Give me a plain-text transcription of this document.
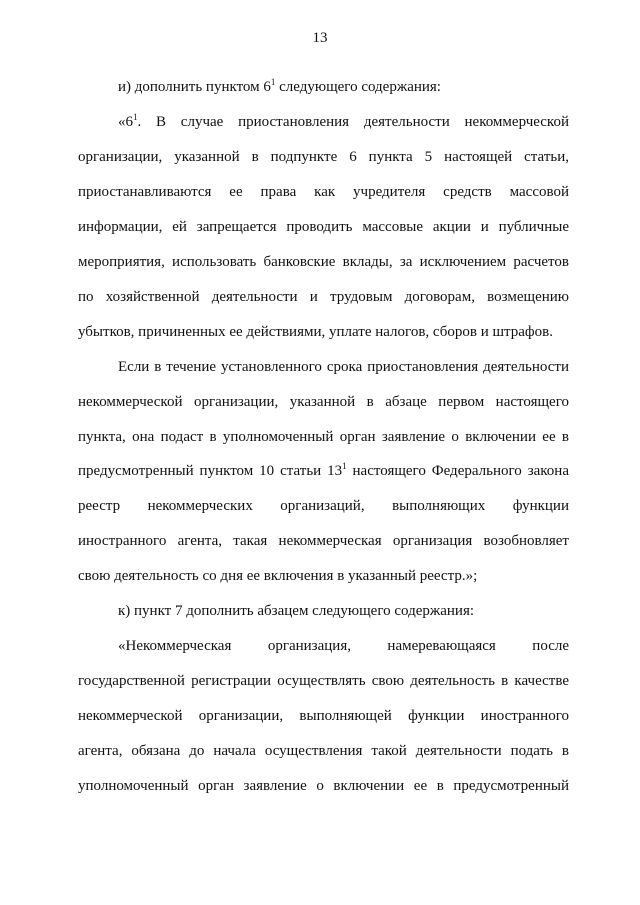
13
и) дополнить пунктом $6^1$ следующего содержания:
«$6^1$. В случае приостановления деятельности некоммерческой
организации, указанной в подпункте 6 пункта 5 настоящей статьи,
приостанавливаются ее права как учредителя средств массовой
информации, ей запрещается проводить массовые акции и публичные
мероприятия, использовать банковские вклады, за исключением расчетов
по хозяйственной деятельности и трудовым договорам, возмещению
убытков, причиненных ее действиями, уплате налогов, сборов и штрафов.
Если в течение установленного срока приостановления деятельности
некоммерческой организации, указанной в абзаце первом настоящего
пункта, она подаст в уполномоченный орган заявление о включении ее в
предусмотренный пунктом 10 статьи $13^1$ настоящего Федерального закона
реестр некоммерческих организаций, выполняющих функции
иностранного агента, такая некоммерческая организация возобновляет
свою деятельность со дня ее включения в указанный реестр.»;
к) пункт 7 дополнить абзацем следующего содержания:
«Некоммерческая организация, намеревающаяся после
государственной регистрации осуществлять свою деятельность в качестве
некоммерческой организации, выполняющей функции иностранного
агента, обязана до начала осуществления такой деятельности подать в
уполномоченный орган заявление о включении ее в предусмотренный
